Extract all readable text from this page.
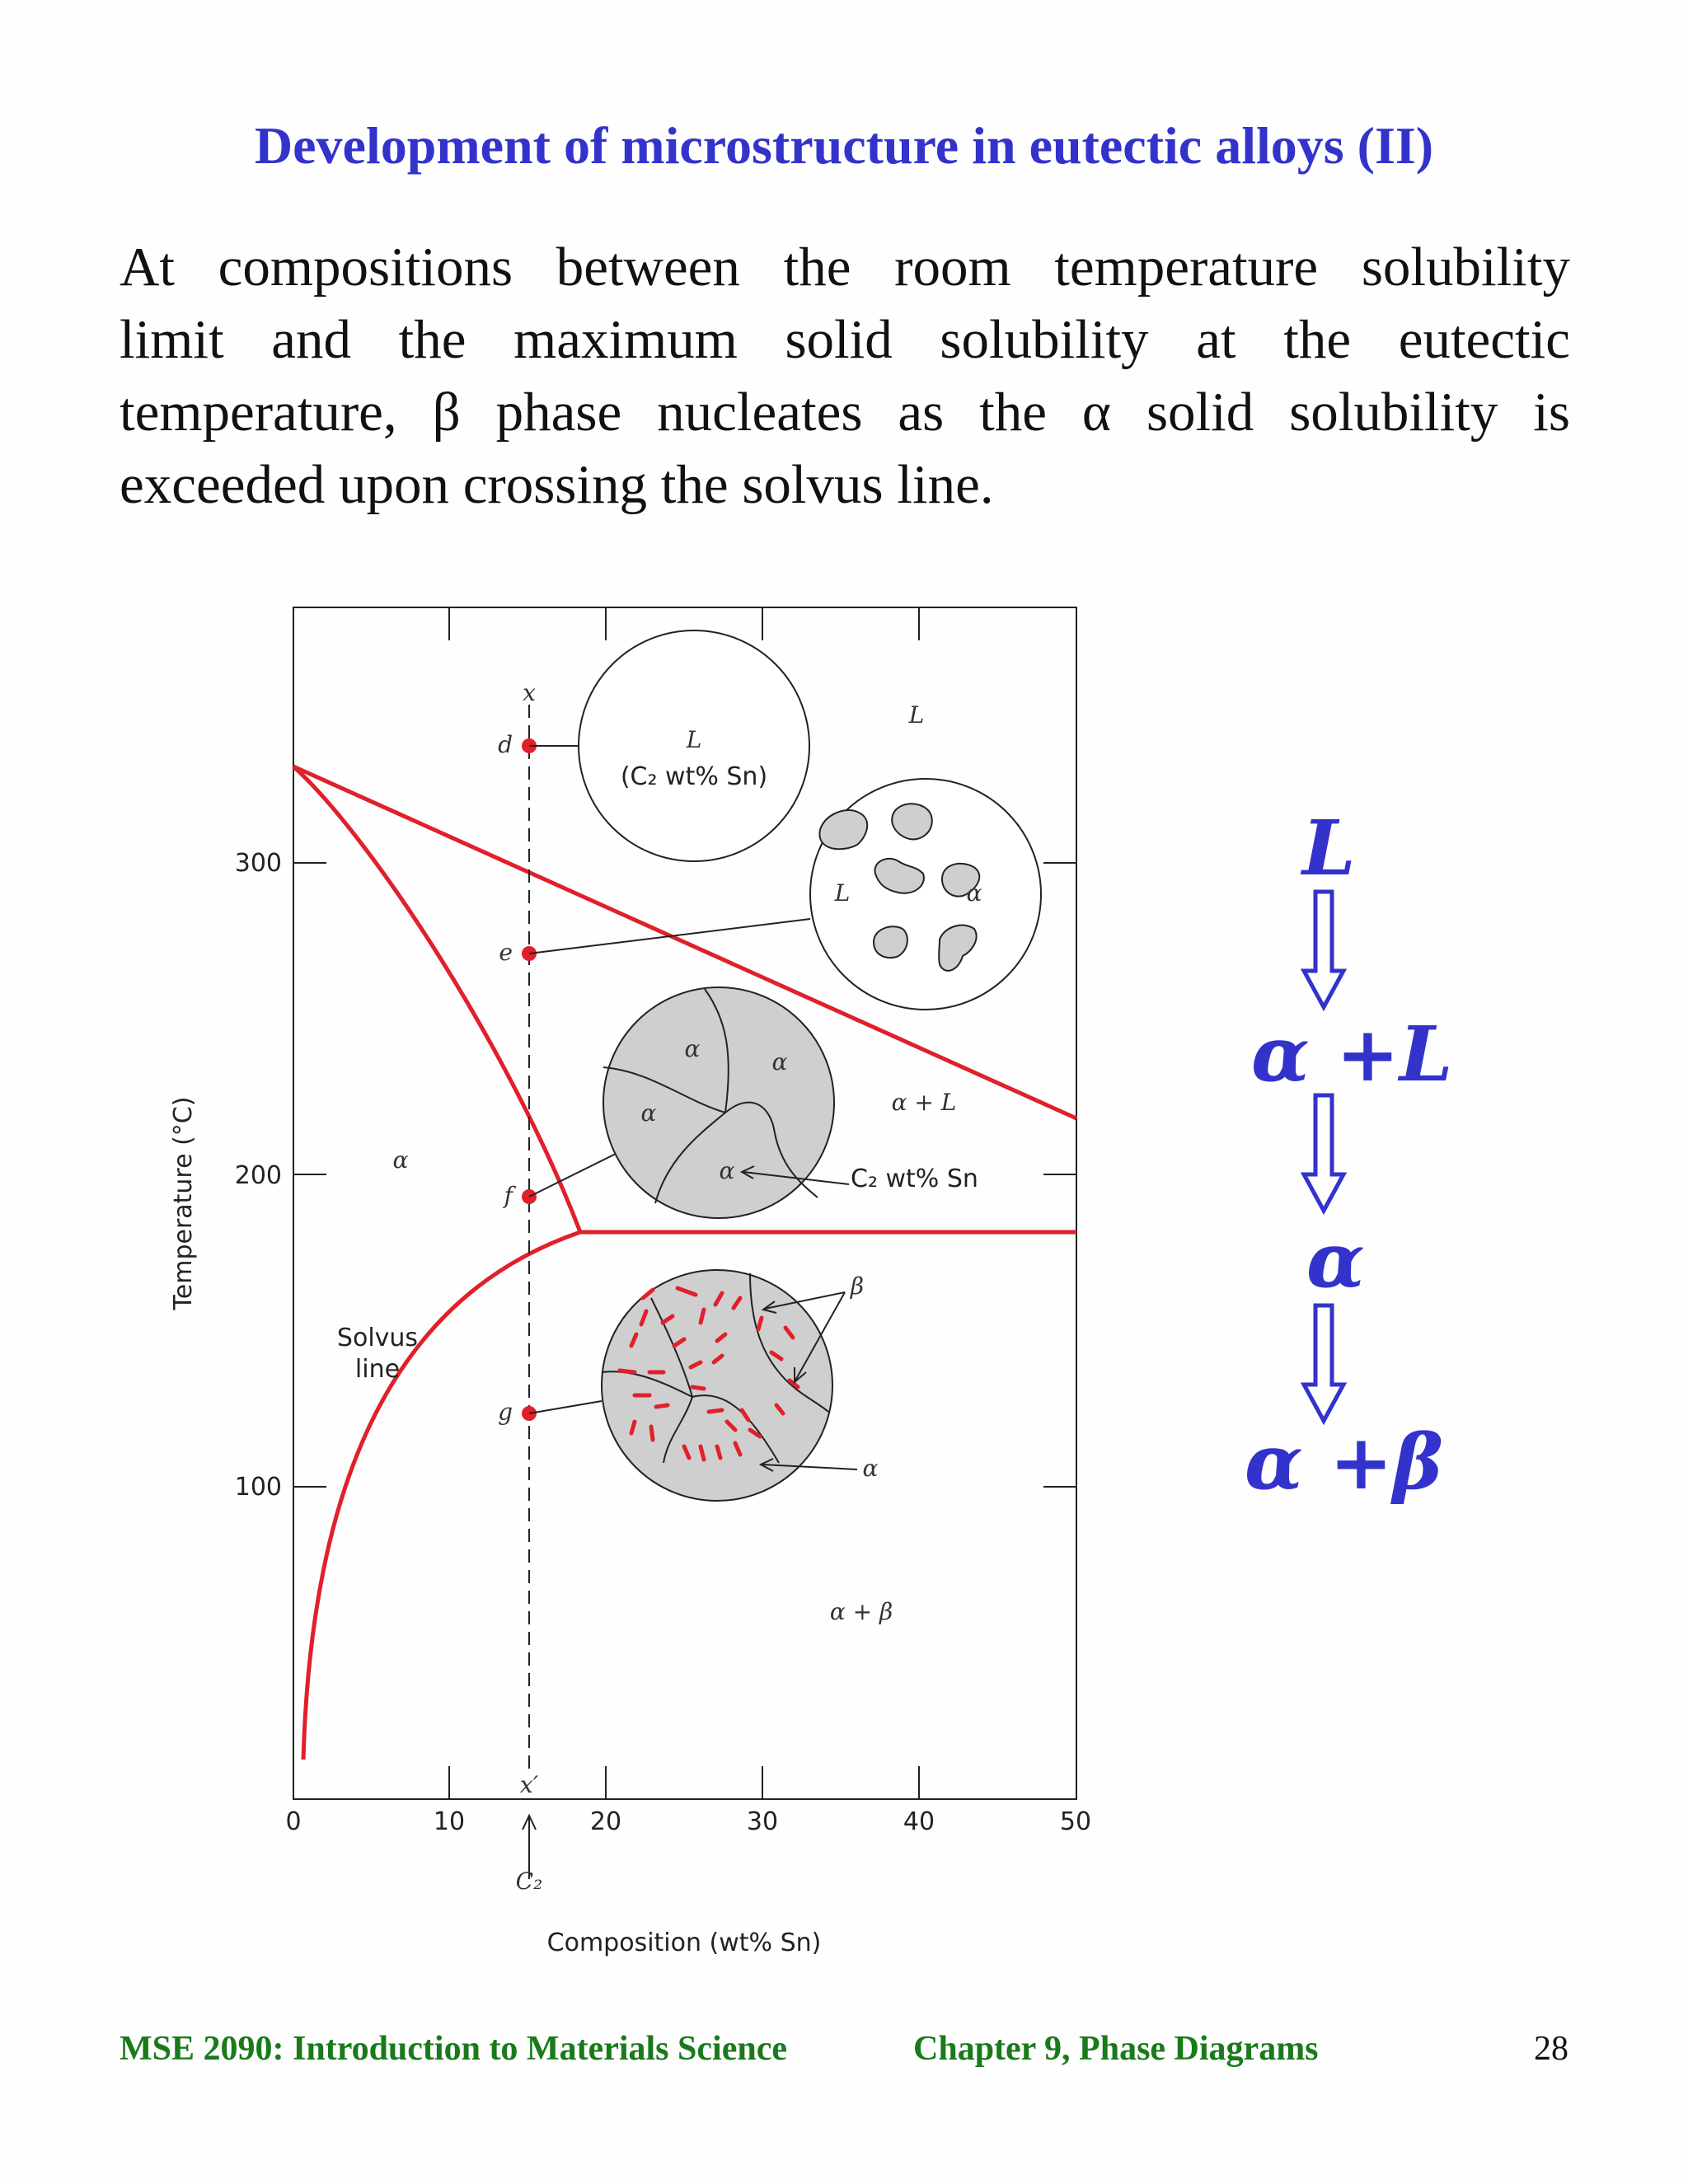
Development of microstructure in eutectic alloys (II)
At compositions between the room temperature solubility
limit and the maximum solid solubility at the eutectic
temperature, β phase nucleates as the α solid solubility is
exceeded upon crossing the solvus line.
0	10	20	30	40	50
100
200
300
Temperature (°C)
Composition (wt% Sn)
x
x′
C₂
d
e
f
g
L
α
α + L
α + β
Solvus
line
L
(C₂ wt% Sn)
L	α
α	α
α
α	C₂ wt% Sn
β
α
L
α +L
α
α +β
MSE 2090: Introduction to Materials Science	Chapter 9, Phase Diagrams	28
